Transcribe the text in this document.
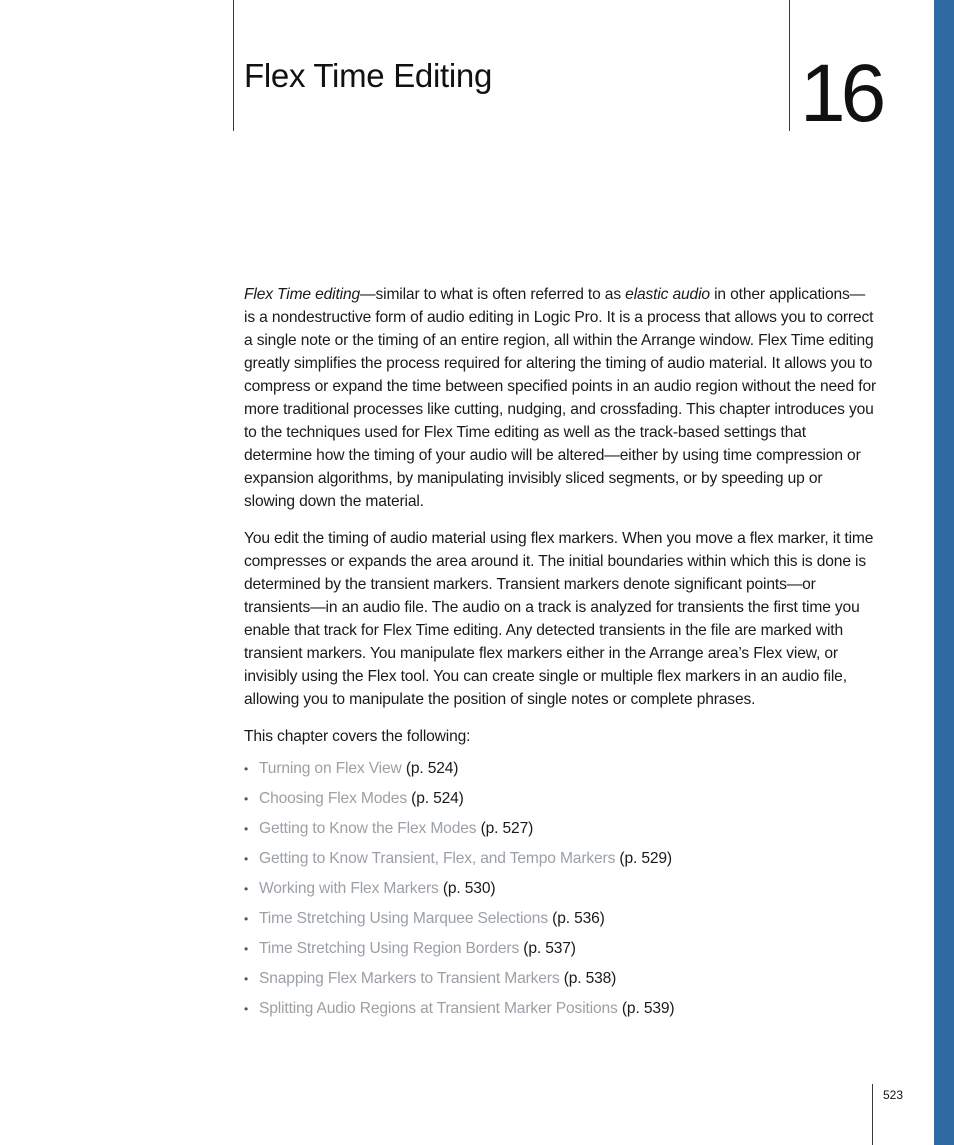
Flex Time Editing	16

Flex Time editing—similar to what is often referred to as elastic audio in other applications—is a nondestructive form of audio editing in Logic Pro. It is a process that allows you to correct a single note or the timing of an entire region, all within the Arrange window. Flex Time editing greatly simplifies the process required for altering the timing of audio material. It allows you to compress or expand the time between specified points in an audio region without the need for more traditional processes like cutting, nudging, and crossfading. This chapter introduces you to the techniques used for Flex Time editing as well as the track-based settings that determine how the timing of your audio will be altered—either by using time compression or expansion algorithms, by manipulating invisibly sliced segments, or by speeding up or slowing down the material.

You edit the timing of audio material using flex markers. When you move a flex marker, it time compresses or expands the area around it. The initial boundaries within which this is done is determined by the transient markers. Transient markers denote significant points—or transients—in an audio file. The audio on a track is analyzed for transients the first time you enable that track for Flex Time editing. Any detected transients in the file are marked with transient markers. You manipulate flex markers either in the Arrange area’s Flex view, or invisibly using the Flex tool. You can create single or multiple flex markers in an audio file, allowing you to manipulate the position of single notes or complete phrases.

This chapter covers the following:

• Turning on Flex View (p. 524)
• Choosing Flex Modes (p. 524)
• Getting to Know the Flex Modes (p. 527)
• Getting to Know Transient, Flex, and Tempo Markers (p. 529)
• Working with Flex Markers (p. 530)
• Time Stretching Using Marquee Selections (p. 536)
• Time Stretching Using Region Borders (p. 537)
• Snapping Flex Markers to Transient Markers (p. 538)
• Splitting Audio Regions at Transient Marker Positions (p. 539)
523
